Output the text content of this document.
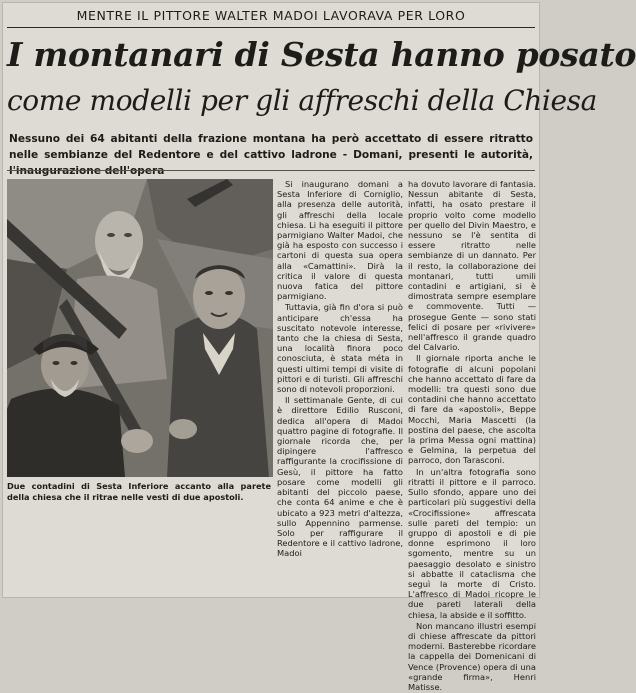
MENTRE IL PITTORE WALTER MADOI LAVORAVA PER LORO
I montanari di Sesta hanno posato
come modelli per gli affreschi della Chiesa
Nessuno dei 64 abitanti della frazione montana ha però accettato di essere ritratto nelle sembianze del Redentore e del cattivo ladrone - Domani, presenti le autorità, l'inaugurazione dell'opera
Due contadini di Sesta Inferiore accanto alla parete della chiesa che il ritrae nelle vesti di due apostoli.

Si inaugurano domani a Sesta Inferiore di Corniglio, alla presenza delle autorità, gli affreschi della locale chiesa. Li ha eseguiti il pittore parmigiano Walter Madoi, che già ha esposto con successo i cartoni di questa sua opera alla «Camattini». Dirà la critica il valore di questa nuova fatica del pittore parmigiano.

Tuttavia, già fin d'ora si può anticipare ch'essa ha suscitato notevole interesse, tanto che la chiesa di Sesta, una località finora poco conosciuta, è stata méta in questi ultimi tempi di visite di pittori e di turisti. Gli affreschi sono di notevoli proporzioni.

Il settimanale Gente, di cui è direttore Edilio Rusconi, dedica all'opera di Madoi quattro pagine di fotografie. Il giornale ricorda che, per dipingere l'affresco raffigurante la crocifissione di Gesù, il pittore ha fatto posare come modelli gli abitanti del piccolo paese, che conta 64 anime e che è ubicato a 923 metri d'altezza, sullo Appennino parmense. Solo per raffigurare il Redentore e il cattivo ladrone, Madoi

ha dovuto lavorare di fantasia. Nessun abitante di Sesta, infatti, ha osato prestare il proprio volto come modello per quello del Divin Maestro, e nessuno se l'è sentita di essere ritratto nelle sembianze di un dannato. Per il resto, la collaborazione dei montanari, tutti umili contadini e artigiani, si è dimostrata sempre esemplare e commovente. Tutti — prosegue Gente — sono stati felici di posare per «rivivere» nell'affresco il grande quadro del Calvario.

Il giornale riporta anche le fotografie di alcuni popolani che hanno accettato di fare da modelli: tra questi sono due contadini che hanno accettato di fare da «apostoli», Beppe Mocchi, Maria Mascetti (la postina del paese, che ascolta la prima Messa ogni mattina) e Gelmina, la perpetua del parroco, don Tarasconi.

In un'altra fotografia sono ritratti il pittore e il parroco. Sullo sfondo, appare uno dei particolari più suggestivi della «Crocifissione» affrescata sulle pareti del tempio: un gruppo di apostoli e di pie donne esprimono il loro sgomento, mentre su un paesaggio desolato e sinistro si abbatte il cataclisma che seguì la morte di Cristo. L'affresco di Madoi ricopre le due pareti laterali della chiesa, la abside e il soffitto.

Non mancano illustri esempi di chiese affrescate da pittori moderni. Basterebbe ricordare la cappella dei Domenicani di Vence (Provence) opera di una «grande firma», Henri Matisse.
